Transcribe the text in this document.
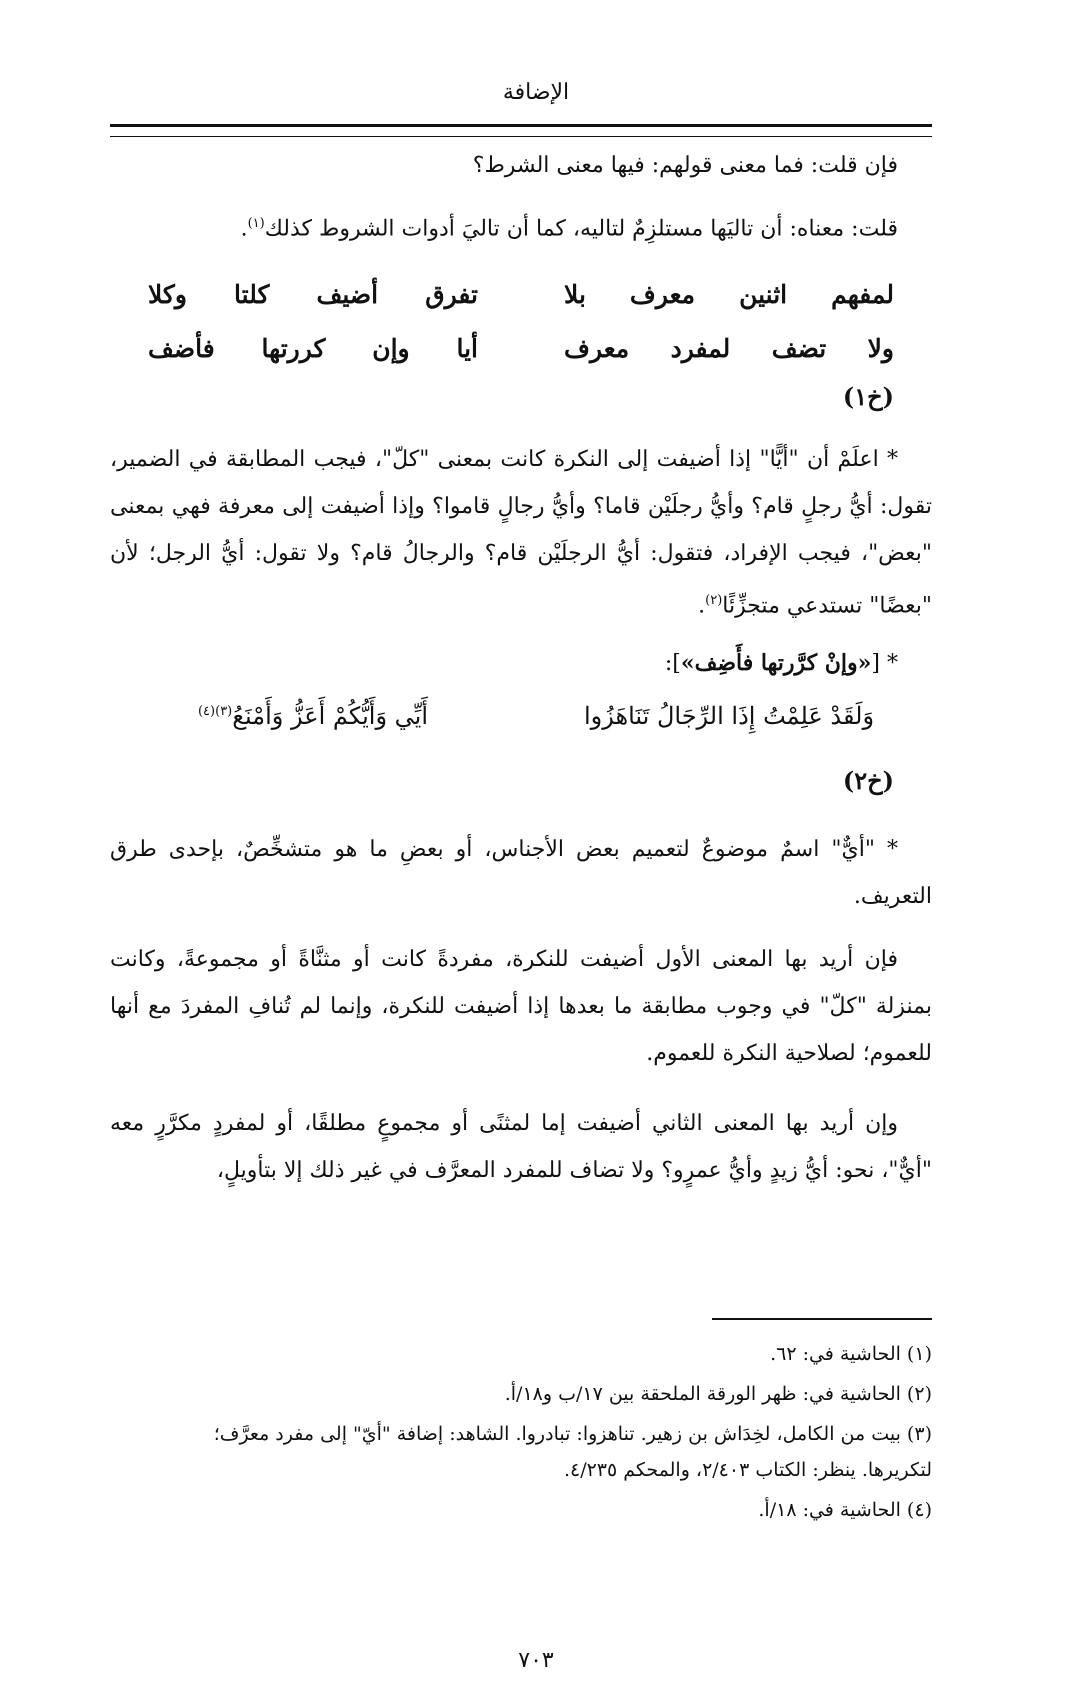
الإضافة
فإن قلت: فما معنى قولهم: فيها معنى الشرط؟
قلت: معناه: أن تاليَها مستلزِمٌ لتاليه، كما أن تاليَ أدوات الشروط كذلك$^{(١)}$.
لمفهم
اثنين
معرف
بلا
تفرق
أضيف
كلتا
وكلا
ولا
تضف
لمفرد
معرف
أيا
وإن
كررتها
فأضف
(خ١)
* اعلَمْ أن "أيًّا" إذا أضيفت إلى النكرة كانت بمعنى "كلّ"، فيجب المطابقة في الضمير، تقول: أيُّ رجلٍ قام؟ وأيُّ رجلَيْن قاما؟ وأيُّ رجالٍ قاموا؟ وإذا أضيفت إلى معرفة فهي بمعنى "بعض"، فيجب الإفراد، فتقول: أيُّ الرجلَيْن قام؟ والرجالُ قام؟ ولا تقول: أيُّ الرجل؛ لأن "بعضًا" تستدعي متجزِّئًا$^{(٢)}$.
* [«وإنْ كرَّرتها فأَضِف»]:
وَلَقَدْ عَلِمْتُ إِذَا الرِّجَالُ تَنَاهَزُوا
أَيِّي وَأَيُّكُمْ أَعَزُّ وَأَمْنَعُ$^{(٣)(٤)}$
(خ٢)
* "أيٌّ" اسمٌ موضوعٌ لتعميم بعض الأجناس، أو بعضِ ما هو متشخِّصٌ، بإحدى طرق التعريف.
فإن أريد بها المعنى الأول أضيفت للنكرة، مفردةً كانت أو مثنَّاةً أو مجموعةً، وكانت بمنزلة "كلّ" في وجوب مطابقة ما بعدها إذا أضيفت للنكرة، وإنما لم تُنافِ المفردَ مع أنها للعموم؛ لصلاحية النكرة للعموم.
وإن أريد بها المعنى الثاني أضيفت إما لمثنًى أو مجموعٍ مطلقًا، أو لمفردٍ مكرَّرٍ معه "أيٌّ"، نحو: أيُّ زيدٍ وأيُّ عمرٍو؟ ولا تضاف للمفرد المعرَّف في غير ذلك إلا بتأويلٍ،
(١) الحاشية في: ٦٢.
(٢) الحاشية في: ظهر الورقة الملحقة بين ١٧/ب و١٨/أ.
(٣) بيت من الكامل، لخِدَاش بن زهير. تناهزوا: تبادروا. الشاهد: إضافة "أيّ" إلى مفرد معرَّف؛ لتكريرها. ينظر: الكتاب ٢/٤٠٣، والمحكم ٤/٢٣٥.
(٤) الحاشية في: ١٨/أ.
٧٠٣
